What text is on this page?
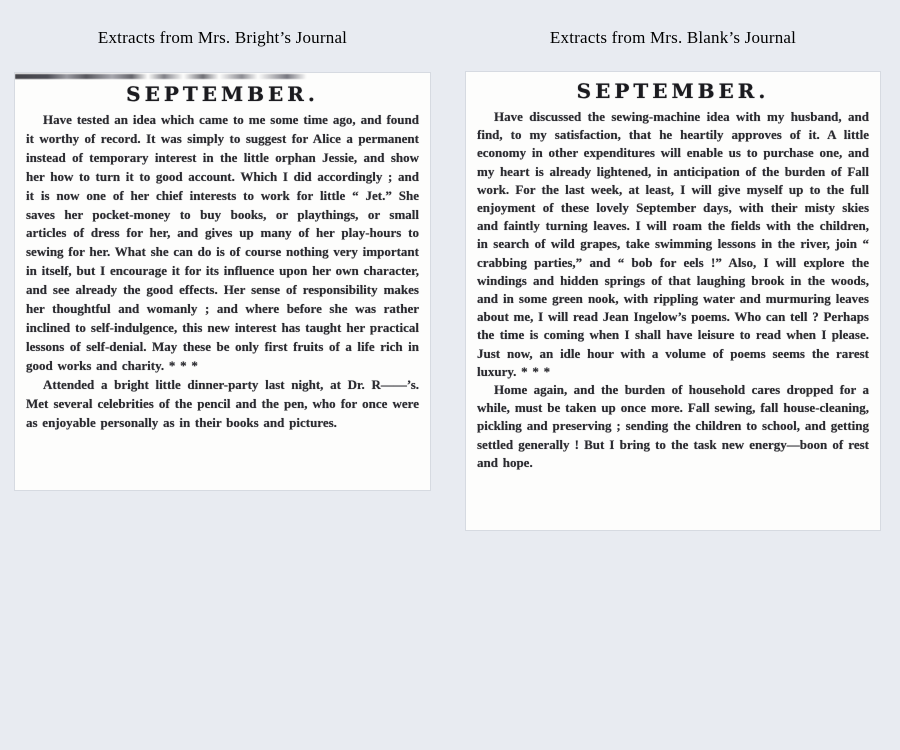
Extracts from Mrs. Bright’s Journal	Extracts from Mrs. Blank’s Journal
SEPTEMBER.

Have tested an idea which came to me some time ago, and found it worthy of record. It was simply to suggest for Alice a permanent instead of temporary interest in the little orphan Jessie, and show her how to turn it to good account. Which I did accordingly ; and it is now one of her chief interests to work for little “ Jet.” She saves her pocket-money to buy books, or playthings, or small articles of dress for her, and gives up many of her play-hours to sewing for her. What she can do is of course nothing very important in itself, but I encourage it for its influence upon her own character, and see already the good effects. Her sense of responsibility makes her thoughtful and womanly ; and where before she was rather inclined to self-indulgence, this new interest has taught her practical lessons of self-denial. May these be only first fruits of a life rich in good works and charity. * * *

Attended a bright little dinner-party last night, at Dr. R——’s. Met several celebrities of the pencil and the pen, who for once were as enjoyable personally as in their books and pictures.

SEPTEMBER.

Have discussed the sewing-machine idea with my husband, and find, to my satisfaction, that he heartily approves of it. A little economy in other expenditures will enable us to purchase one, and my heart is already lightened, in anticipation of the burden of Fall work. For the last week, at least, I will give myself up to the full enjoyment of these lovely September days, with their misty skies and faintly turning leaves. I will roam the fields with the children, in search of wild grapes, take swimming lessons in the river, join “ crabbing parties,” and “ bob for eels !” Also, I will explore the windings and hidden springs of that laughing brook in the woods, and in some green nook, with rippling water and murmuring leaves about me, I will read Jean Ingelow’s poems. Who can tell ? Perhaps the time is coming when I shall have leisure to read when I please. Just now, an idle hour with a volume of poems seems the rarest luxury. * * *

Home again, and the burden of household cares dropped for a while, must be taken up once more. Fall sewing, fall house-cleaning, pickling and preserving ; sending the children to school, and getting settled generally ! But I bring to the task new energy—boon of rest and hope.
